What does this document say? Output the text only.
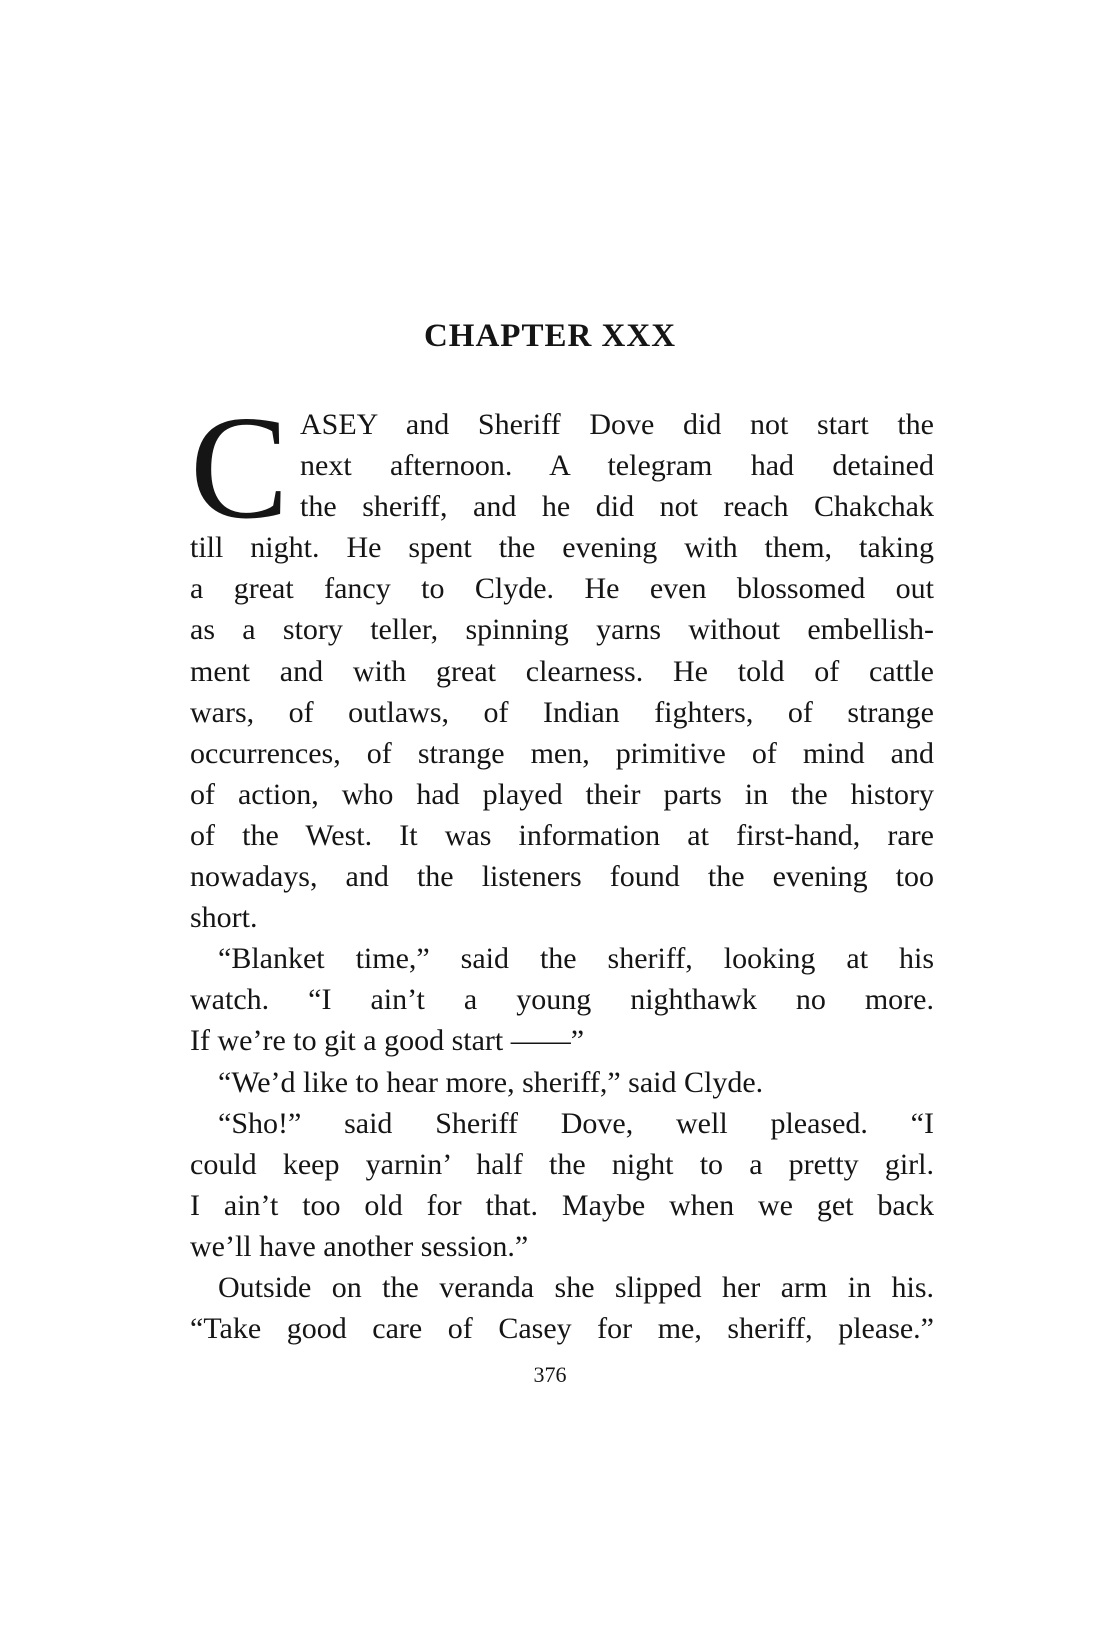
CHAPTER XXX
C ASEY and Sheriff Dove did not start the
next afternoon. A telegram had detained
the sheriff, and he did not reach Chakchak
till night. He spent the evening with them, taking
a great fancy to Clyde. He even blossomed out
as a story teller, spinning yarns without embellish-
ment and with great clearness. He told of cattle
wars, of outlaws, of Indian fighters, of strange
occurrences, of strange men, primitive of mind and
of action, who had played their parts in the history
of the West. It was information at first-hand, rare
nowadays, and the listeners found the evening too
short.
“Blanket time,” said the sheriff, looking at his
watch. “I ain’t a young nighthawk no more.
If we’re to git a good start ——”
“We’d like to hear more, sheriff,” said Clyde.
“Sho!” said Sheriff Dove, well pleased. “I
could keep yarnin’ half the night to a pretty girl.
I ain’t too old for that. Maybe when we get back
we’ll have another session.”
Outside on the veranda she slipped her arm in his.
“Take good care of Casey for me, sheriff, please.”
376
